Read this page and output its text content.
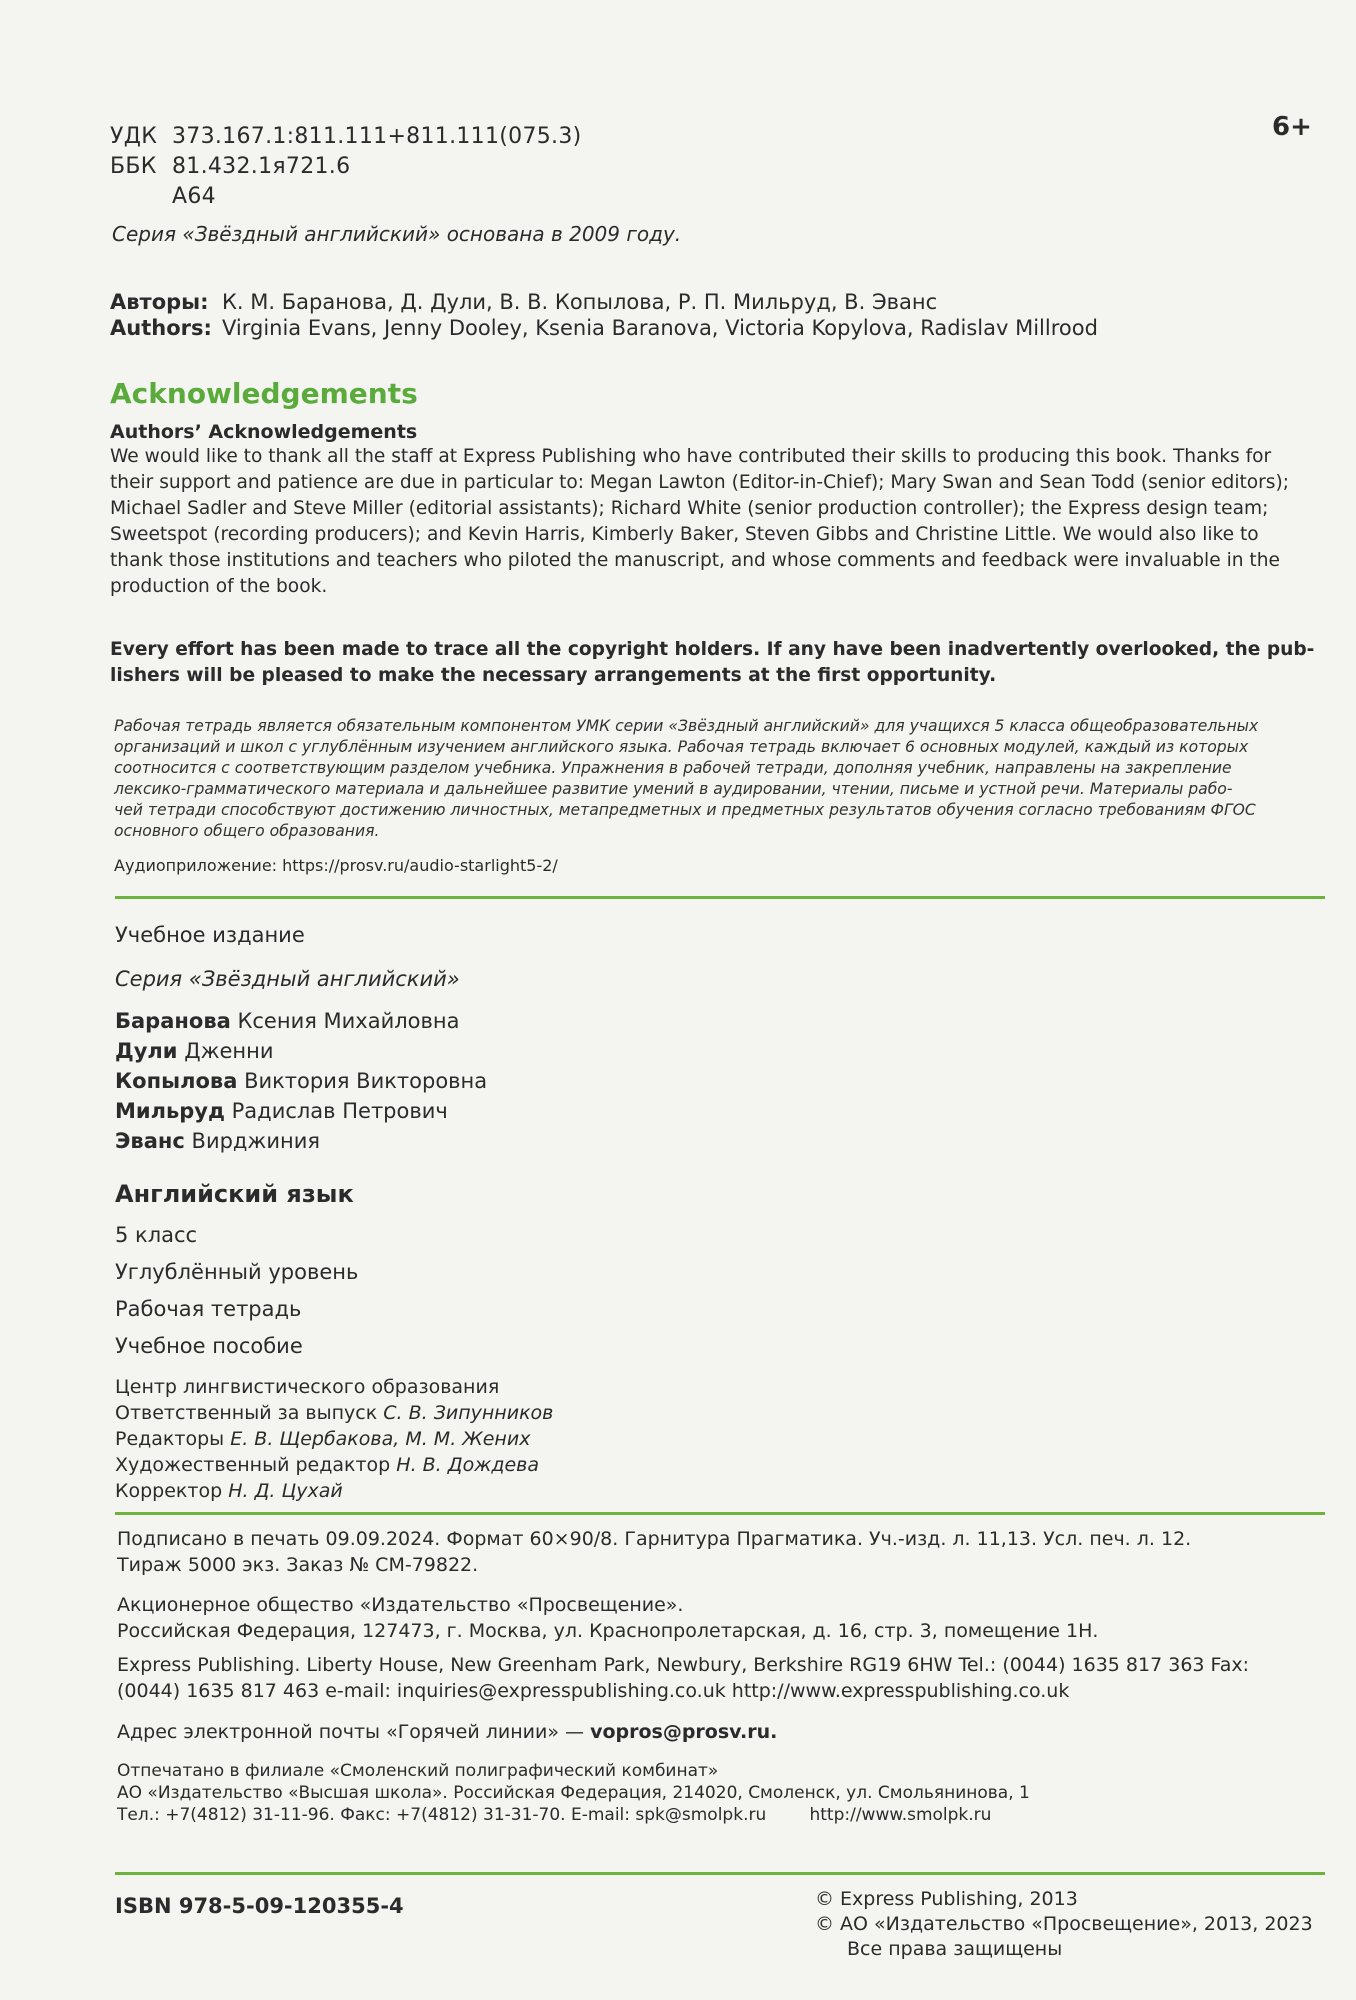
УДК 373.167.1:811.111+811.111(075.3)
ББК 81.432.1я721.6
А64
6+
Серия «Звёздный английский» основана в 2009 году.
Авторы: К. М. Баранова, Д. Дули, В. В. Копылова, Р. П. Мильруд, В. Эванс
Authors: Virginia Evans, Jenny Dooley, Ksenia Baranova, Victoria Kopylova, Radislav Millrood
Acknowledgements
Authors’ Acknowledgements
We would like to thank all the staff at Express Publishing who have contributed their skills to producing this book. Thanks for
their support and patience are due in particular to: Megan Lawton (Editor-in-Chief); Mary Swan and Sean Todd (senior editors);
Michael Sadler and Steve Miller (editorial assistants); Richard White (senior production controller); the Express design team;
Sweetspot (recording producers); and Kevin Harris, Kimberly Baker, Steven Gibbs and Christine Little. We would also like to
thank those institutions and teachers who piloted the manuscript, and whose comments and feedback were invaluable in the
production of the book.
Every effort has been made to trace all the copyright holders. If any have been inadvertently overlooked, the pub-
lishers will be pleased to make the necessary arrangements at the first opportunity.
Рабочая тетрадь является обязательным компонентом УМК серии «Звёздный английский» для учащихся 5 класса общеобразовательных
организаций и школ с углублённым изучением английского языка. Рабочая тетрадь включает 6 основных модулей, каждый из которых
соотносится с соответствующим разделом учебника. Упражнения в рабочей тетради, дополняя учебник, направлены на закрепление
лексико-грамматического материала и дальнейшее развитие умений в аудировании, чтении, письме и устной речи. Материалы рабо-
чей тетради способствуют достижению личностных, метапредметных и предметных результатов обучения согласно требованиям ФГОС
основного общего образования.
Аудиоприложение: https://prosv.ru/audio-starlight5-2/
Учебное издание
Серия «Звёздный английский»
Баранова Ксения Михайловна
Дули Дженни
Копылова Виктория Викторовна
Мильруд Радислав Петрович
Эванс Вирджиния
Английский язык
5 класс
Углублённый уровень
Рабочая тетрадь
Учебное пособие
Центр лингвистического образования
Ответственный за выпуск С. В. Зипунников
Редакторы Е. В. Щербакова, М. М. Жених
Художественный редактор Н. В. Дождева
Корректор Н. Д. Цухай
Подписано в печать 09.09.2024. Формат 60×90/8. Гарнитура Прагматика. Уч.-изд. л. 11,13. Усл. печ. л. 12.
Тираж 5000 экз. Заказ № СМ-79822.
Акционерное общество «Издательство «Просвещение».
Российская Федерация, 127473, г. Москва, ул. Краснопролетарская, д. 16, стр. 3, помещение 1Н.
Express Publishing. Liberty House, New Greenham Park, Newbury, Berkshire RG19 6HW Tel.: (0044) 1635 817 363 Fax:
(0044) 1635 817 463 e-mail: inquiries@expresspublishing.co.uk http://www.expresspublishing.co.uk
Адрес электронной почты «Горячей линии» — vopros@prosv.ru.
Отпечатано в филиале «Смоленский полиграфический комбинат»
АО «Издательство «Высшая школа». Российская Федерация, 214020, Смоленск, ул. Смольянинова, 1
Тел.: +7(4812) 31-11-96. Факс: +7(4812) 31-31-70. E-mail: spk@smolpk.ru        http://www.smolpk.ru
ISBN 978-5-09-120355-4	© Express Publishing, 2013
© АО «Издательство «Просвещение», 2013, 2023
Все права защищены
